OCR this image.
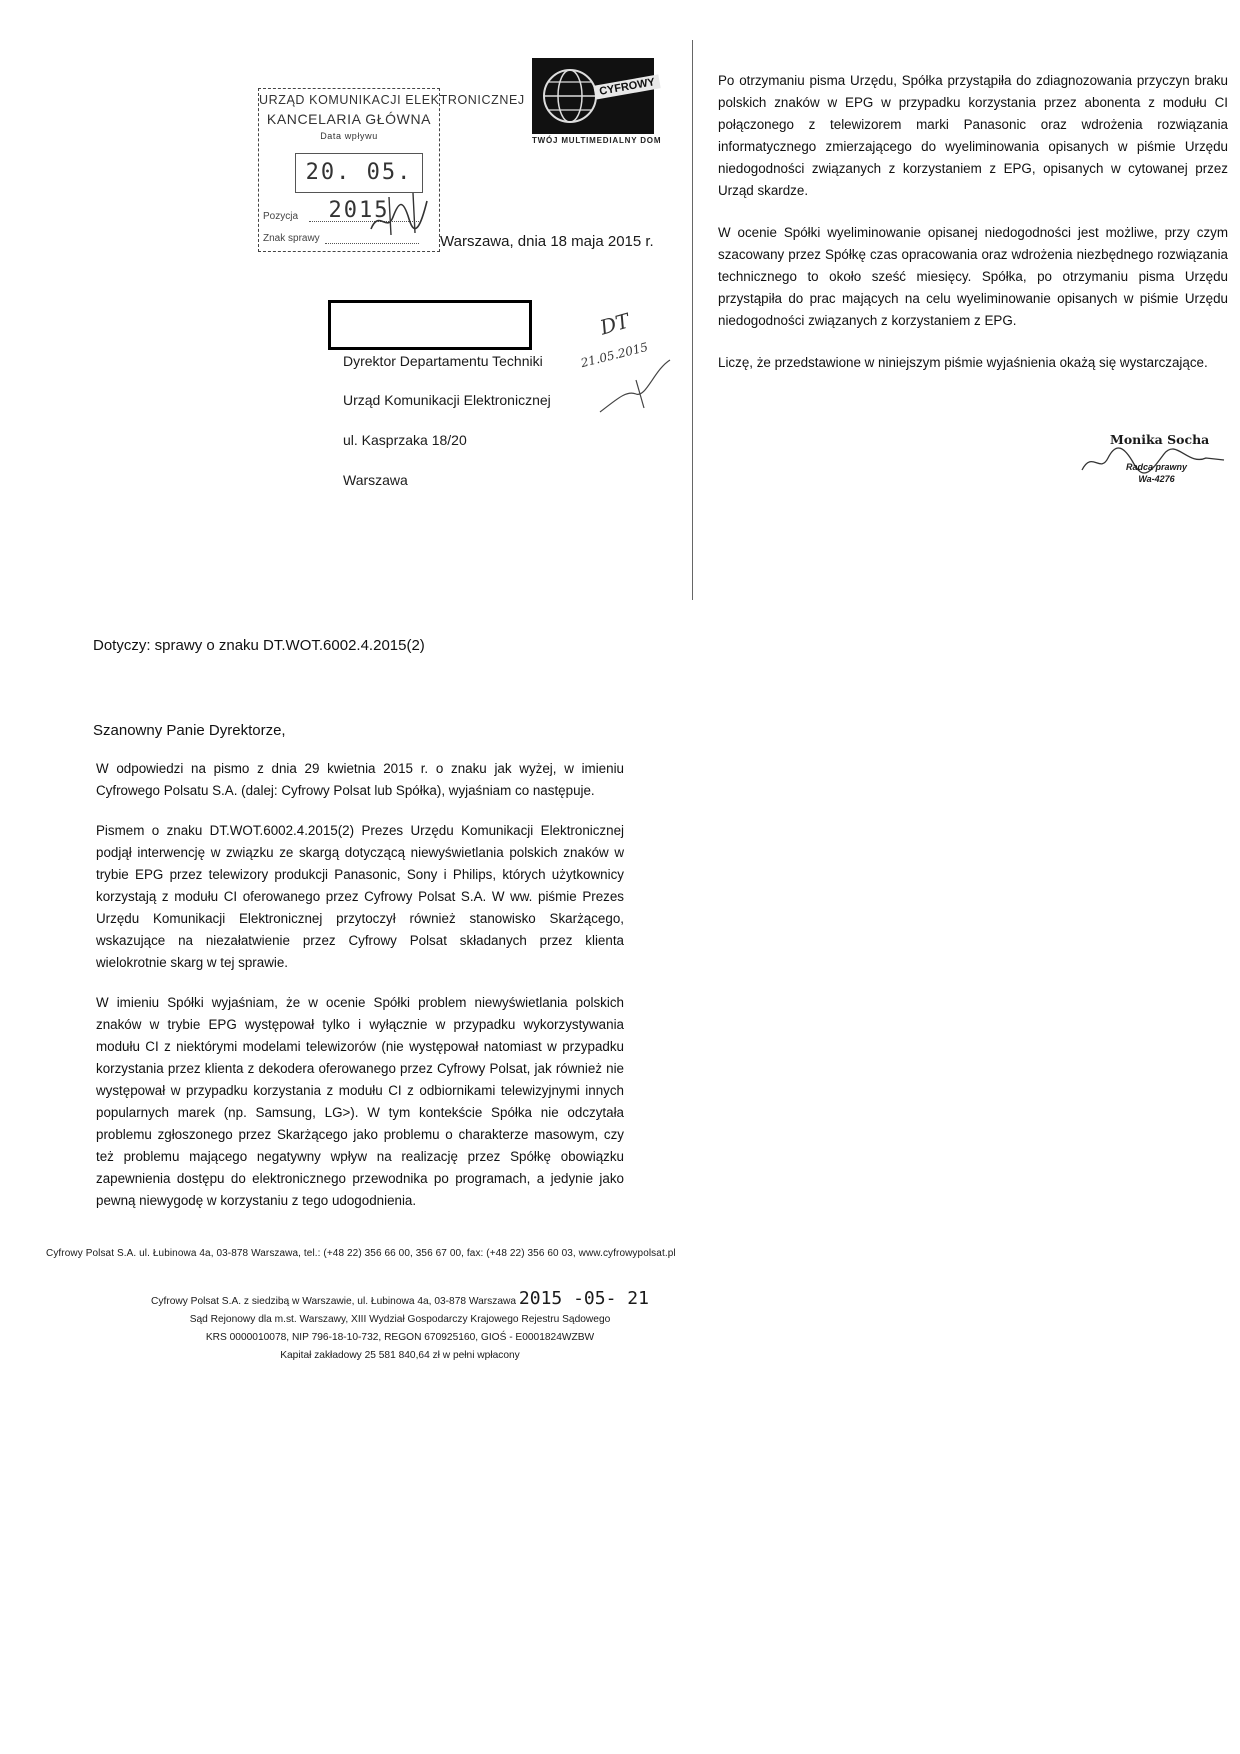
URZĄD KOMUNIKACJI ELEKTRONICZNEJ
KANCELARIA GŁÓWNA
Data wpływu
20. 05. 2015
Pozycja
Znak sprawy
CYFROWY
TWÓJ MULTIMEDIALNY DOM
Warszawa, dnia 18 maja 2015 r.
Dyrektor Departamentu Techniki
Urząd Komunikacji Elektronicznej
ul. Kasprzaka 18/20
Warszawa
DT
21.05.2015
Dotyczy: sprawy o znaku DT.WOT.6002.4.2015(2)
Szanowny Panie Dyrektorze,

W odpowiedzi na pismo z dnia 29 kwietnia 2015 r. o znaku jak wyżej, w imieniu Cyfrowego Polsatu S.A. (dalej: Cyfrowy Polsat lub Spółka), wyjaśniam co następuje.

Pismem o znaku DT.WOT.6002.4.2015(2) Prezes Urzędu Komunikacji Elektronicznej podjął interwencję w związku ze skargą dotyczącą niewyświetlania polskich znaków w trybie EPG przez telewizory produkcji Panasonic, Sony i Philips, których użytkownicy korzystają z modułu CI oferowanego przez Cyfrowy Polsat S.A. W ww. piśmie Prezes Urzędu Komunikacji Elektronicznej przytoczył również stanowisko Skarżącego, wskazujące na niezałatwienie przez Cyfrowy Polsat składanych przez klienta wielokrotnie skarg w tej sprawie.

W imieniu Spółki wyjaśniam, że w ocenie Spółki problem niewyświetlania polskich znaków w trybie EPG występował tylko i wyłącznie w przypadku wykorzystywania modułu CI z niektórymi modelami telewizorów (nie występował natomiast w przypadku korzystania przez klienta z dekodera oferowanego przez Cyfrowy Polsat, jak również nie występował w przypadku korzystania z modułu CI z odbiornikami telewizyjnymi innych popularnych marek (np. Samsung, LG>). W tym kontekście Spółka nie odczytała problemu zgłoszonego przez Skarżącego jako problemu o charakterze masowym, czy też problemu mającego negatywny wpływ na realizację przez Spółkę obowiązku zapewnienia dostępu do elektronicznego przewodnika po programach, a jedynie jako pewną niewygodę w korzystaniu z tego udogodnienia.

Cyfrowy Polsat S.A. ul. Łubinowa 4a, 03-878 Warszawa, tel.: (+48 22) 356 66 00, 356 67 00, fax: (+48 22) 356 60 03, www.cyfrowypolsat.pl
Cyfrowy Polsat S.A. z siedzibą w Warszawie, ul. Łubinowa 4a, 03-878 Warszawa 2015 -05- 21
Sąd Rejonowy dla m.st. Warszawy, XIII Wydział Gospodarczy Krajowego Rejestru Sądowego
KRS 0000010078, NIP 796-18-10-732, REGON 670925160, GIOŚ - E0001824WZBW
Kapitał zakładowy 25 581 840,64 zł w pełni wpłacony

Po otrzymaniu pisma Urzędu, Spółka przystąpiła do zdiagnozowania przyczyn braku polskich znaków w EPG w przypadku korzystania przez abonenta z modułu CI połączonego z telewizorem marki Panasonic oraz wdrożenia rozwiązania informatycznego zmierzającego do wyeliminowania opisanych w piśmie Urzędu niedogodności związanych z korzystaniem z EPG, opisanych w cytowanej przez Urząd skardze.

W ocenie Spółki wyeliminowanie opisanej niedogodności jest możliwe, przy czym szacowany przez Spółkę czas opracowania oraz wdrożenia niezbędnego rozwiązania technicznego to około sześć miesięcy. Spółka, po otrzymaniu pisma Urzędu przystąpiła do prac mających na celu wyeliminowanie opisanych w piśmie Urzędu niedogodności związanych z korzystaniem z EPG.

Liczę, że przedstawione w niniejszym piśmie wyjaśnienia okażą się wystarczające.
Monika Socha
Radca prawny
Wa-4276
